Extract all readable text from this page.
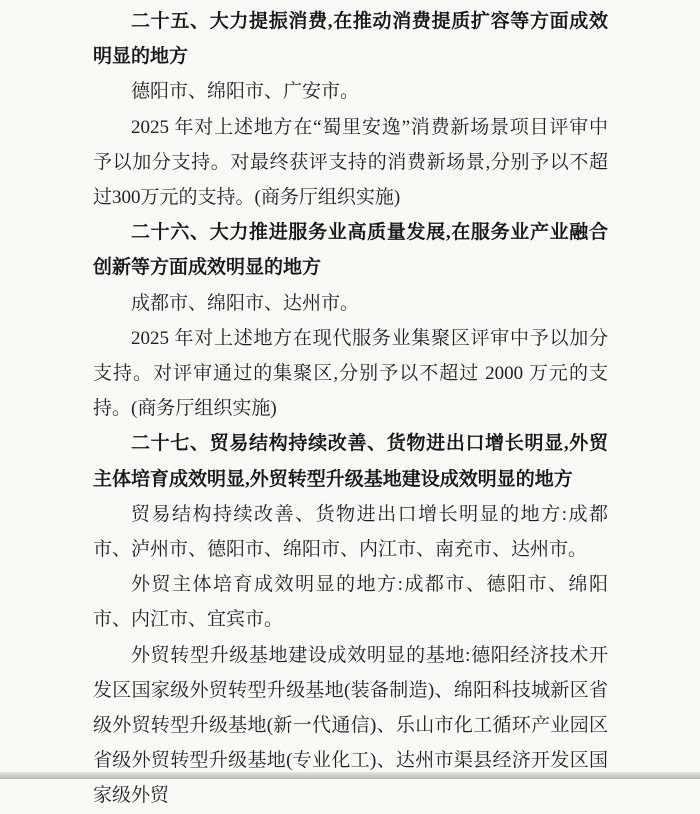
二十五、大力提振消费,在推动消费提质扩容等方面成效明显的地方

德阳市、绵阳市、广安市。

2025 年对上述地方在“蜀里安逸”消费新场景项目评审中予以加分支持。对最终获评支持的消费新场景,分别予以不超过300万元的支持。(商务厅组织实施)

二十六、大力推进服务业高质量发展,在服务业产业融合创新等方面成效明显的地方

成都市、绵阳市、达州市。

2025 年对上述地方在现代服务业集聚区评审中予以加分支持。对评审通过的集聚区,分别予以不超过 2000 万元的支持。(商务厅组织实施)

二十七、贸易结构持续改善、货物进出口增长明显,外贸主体培育成效明显,外贸转型升级基地建设成效明显的地方

贸易结构持续改善、货物进出口增长明显的地方:成都市、泸州市、德阳市、绵阳市、内江市、南充市、达州市。

外贸主体培育成效明显的地方:成都市、德阳市、绵阳市、内江市、宜宾市。

外贸转型升级基地建设成效明显的基地:德阳经济技术开发区国家级外贸转型升级基地(装备制造)、绵阳科技城新区省级外贸转型升级基地(新一代通信)、乐山市化工循环产业园区省级外贸转型升级基地(专业化工)、达州市渠县经济开发区国家级外贸
